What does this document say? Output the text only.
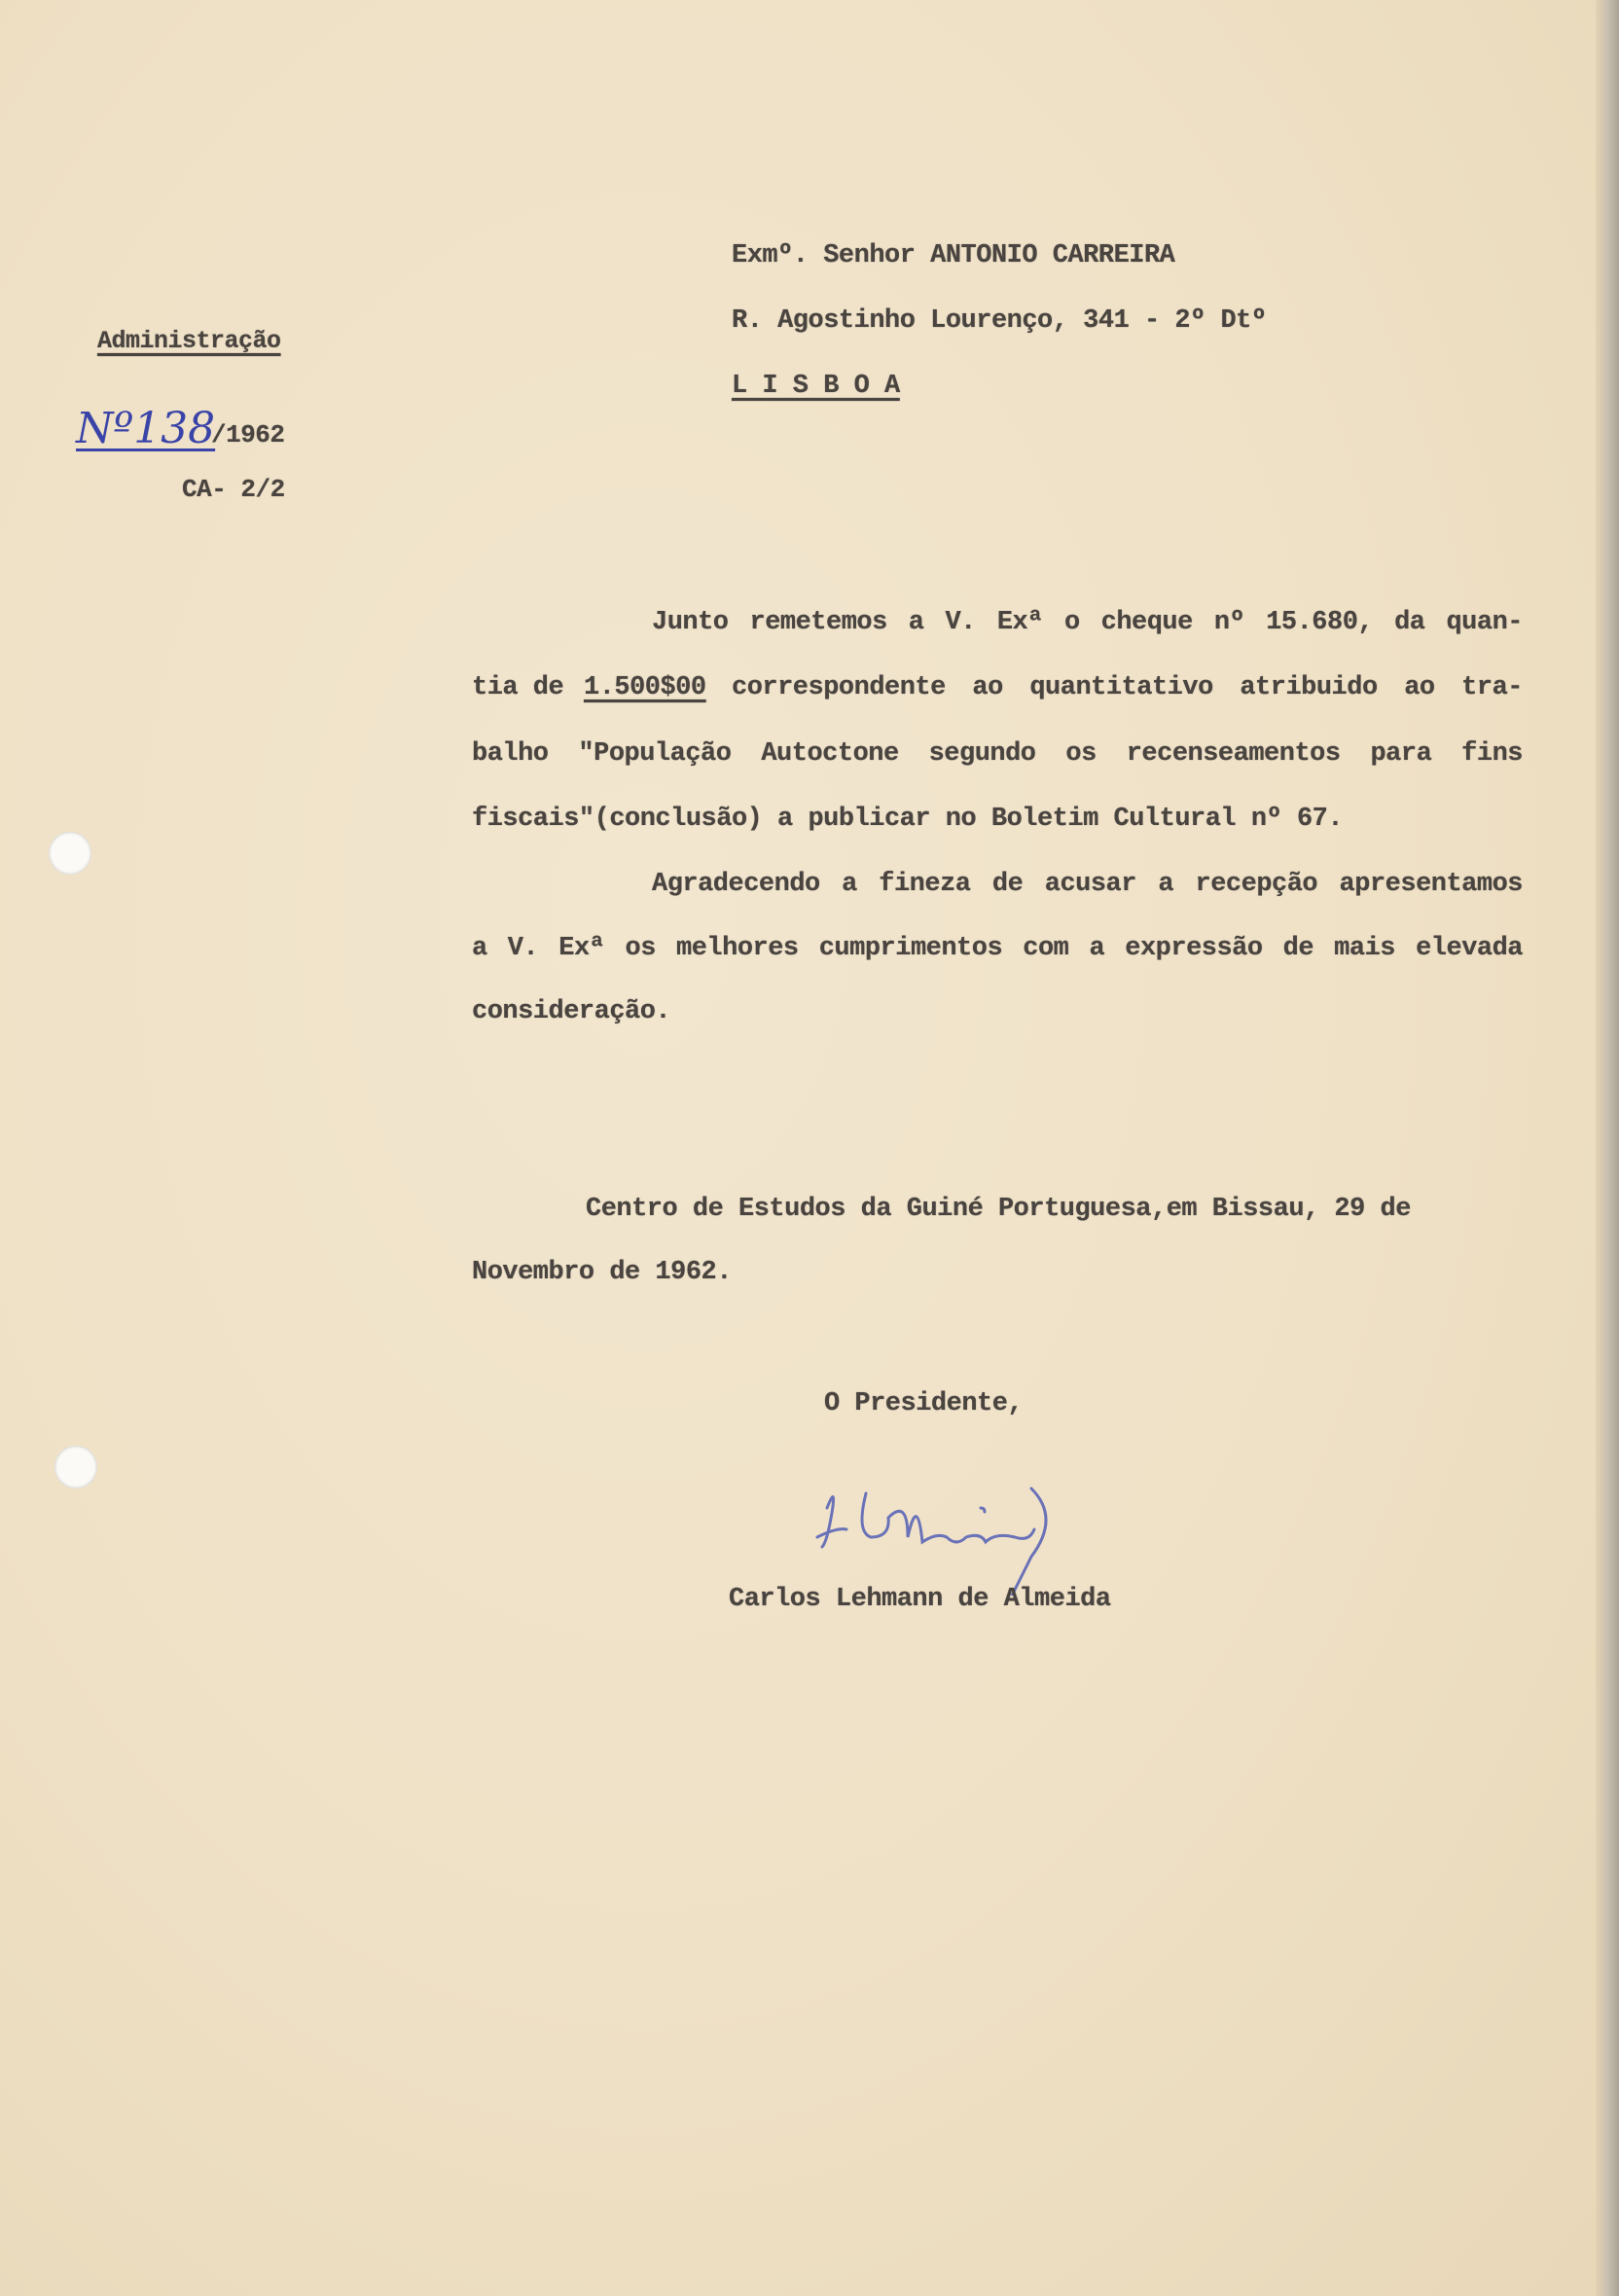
Administração
Nº138
/1962
CA- 2/2
Exmº. Senhor ANTONIO CARREIRA
R. Agostinho Lourenço, 341 - 2º Dtº
L I S B O A
Junto remetemos a V. Exª o cheque nº 15.680, da quan-
tia de 1.500$00 correspondente ao quantitativo atribuido ao tra-
balho "População Autoctone segundo os recenseamentos para fins
fiscais"(conclusão) a publicar no Boletim Cultural nº 67.
Agradecendo a fineza de acusar a recepção apresentamos
a V. Exª os melhores cumprimentos com a expressão de mais elevada
consideração.
Centro de Estudos da Guiné Portuguesa,em Bissau, 29 de
Novembro de 1962.
O Presidente,
Carlos Lehmann de Almeida
